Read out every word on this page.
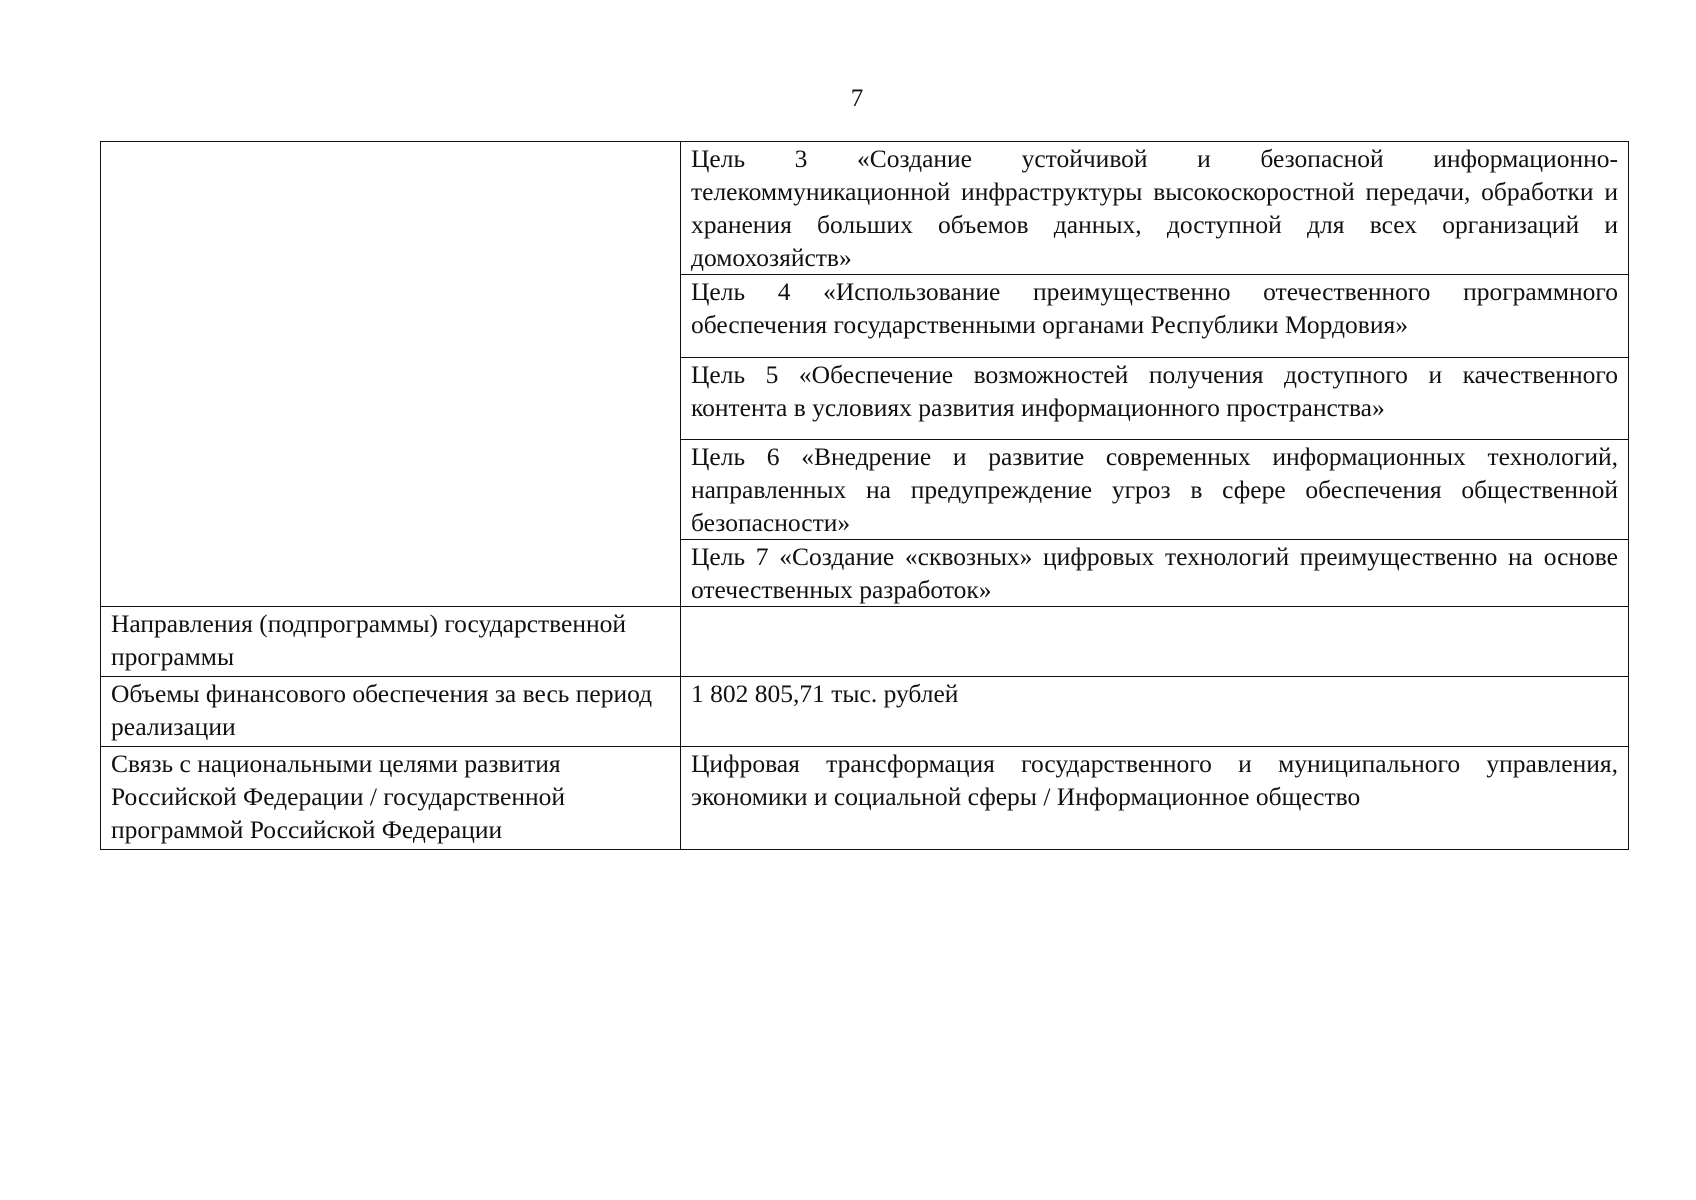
7

	Цель 3 «Создание устойчивой и безопасной информационно-телекоммуникационной инфраструктуры высокоскоростной передачи, обработки и хранения больших объемов данных, доступной для всех организаций и домохозяйств»

	Цель 4 «Использование преимущественно отечественного программного обеспечения государственными органами Республики Мордовия»

	Цель 5 «Обеспечение возможностей получения доступного и качественного контента в условиях развития информационного пространства»

	Цель 6 «Внедрение и развитие современных информационных технологий, направленных на предупреждение угроз в сфере обеспечения общественной безопасности»

	Цель 7 «Создание «сквозных» цифровых технологий преимущественно на основе отечественных разработок»

Направления (подпрограммы) государственной программы	
Объемы финансового обеспечения за весь период реализации	1 802 805,71 тыс. рублей
Связь с национальными целями развития Российской Федерации / государственной программой Российской Федерации	Цифровая трансформация государственного и муниципального управления, экономики и социальной сферы / Информационное общество
